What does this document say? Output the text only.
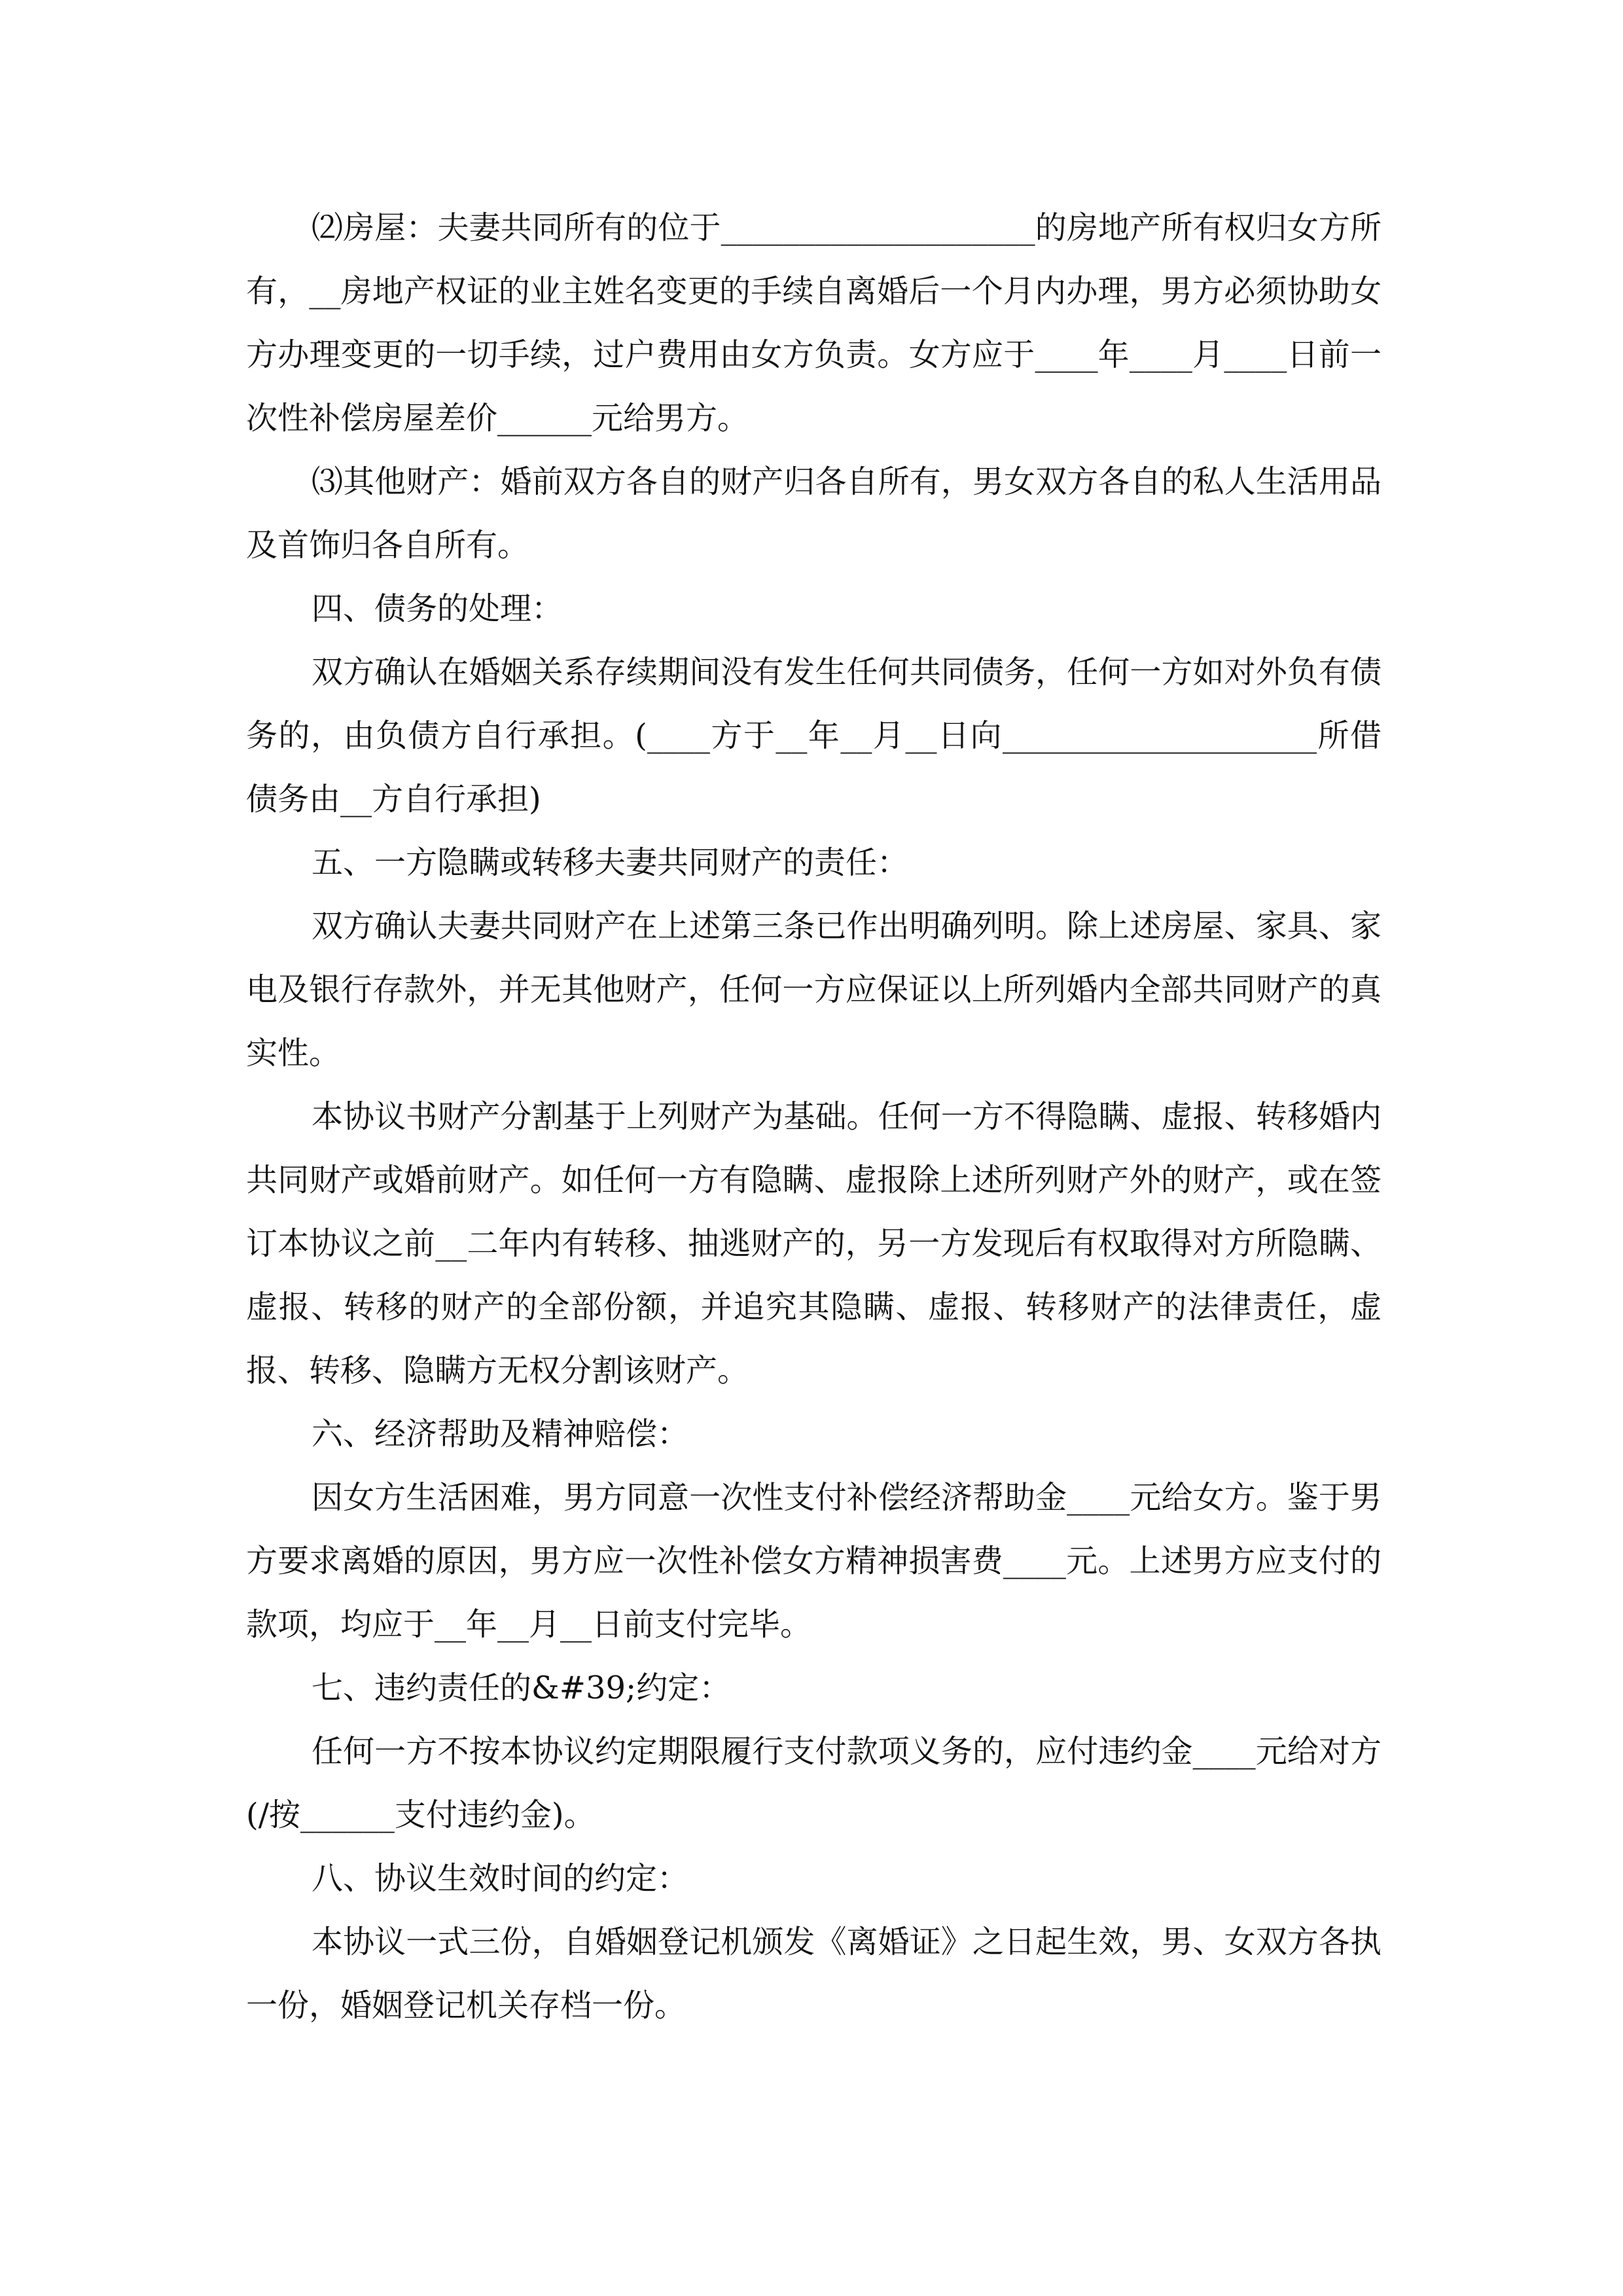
⑵房屋：夫妻共同所有的位于____________________的房地产所有权归女方所有，__房地产权证的业主姓名变更的手续自离婚后一个月内办理，男方必须协助女方办理变更的一切手续，过户费用由女方负责。女方应于____年____月____日前一次性补偿房屋差价______元给男方。

⑶其他财产：婚前双方各自的财产归各自所有，男女双方各自的私人生活用品及首饰归各自所有。

四、债务的处理：

双方确认在婚姻关系存续期间没有发生任何共同债务，任何一方如对外负有债务的，由负债方自行承担。(____方于__年__月__日向____________________所借债务由__方自行承担)

五、一方隐瞒或转移夫妻共同财产的责任：

双方确认夫妻共同财产在上述第三条已作出明确列明。除上述房屋、家具、家电及银行存款外，并无其他财产，任何一方应保证以上所列婚内全部共同财产的真实性。

本协议书财产分割基于上列财产为基础。任何一方不得隐瞒、虚报、转移婚内共同财产或婚前财产。如任何一方有隐瞒、虚报除上述所列财产外的财产，或在签订本协议之前__二年内有转移、抽逃财产的，另一方发现后有权取得对方所隐瞒、虚报、转移的财产的全部份额，并追究其隐瞒、虚报、转移财产的法律责任，虚报、转移、隐瞒方无权分割该财产。

六、经济帮助及精神赔偿：

因女方生活困难，男方同意一次性支付补偿经济帮助金____元给女方。鉴于男方要求离婚的原因，男方应一次性补偿女方精神损害费____元。上述男方应支付的款项，均应于__年__月__日前支付完毕。

七、违约责任的&#39;约定：

任何一方不按本协议约定期限履行支付款项义务的，应付违约金____元给对方(/按______支付违约金)。

八、协议生效时间的约定：

本协议一式三份，自婚姻登记机颁发《离婚证》之日起生效，男、女双方各执一份，婚姻登记机关存档一份。
